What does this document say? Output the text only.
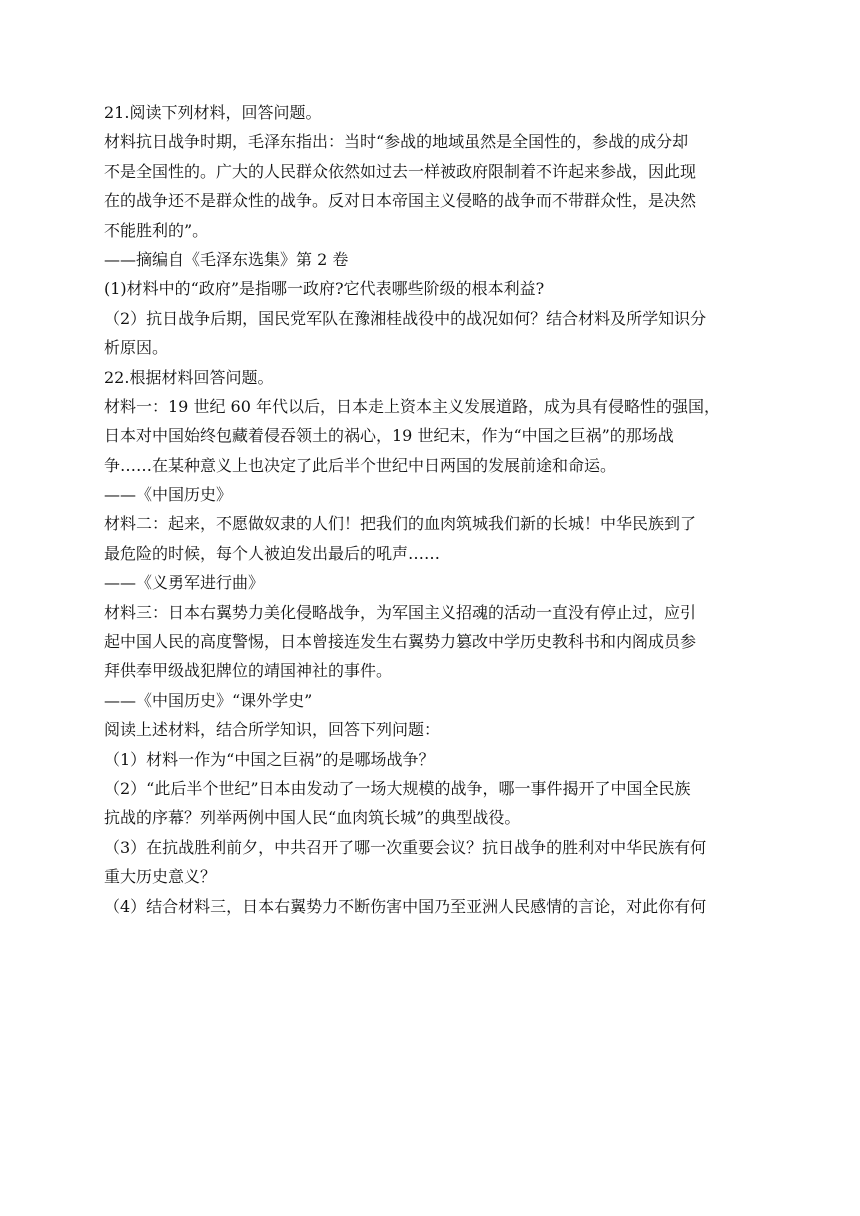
21.阅读下列材料，回答问题。
材料抗日战争时期，毛泽东指出：当时“参战的地域虽然是全国性的，参战的成分却
不是全国性的。广大的人民群众依然如过去一样被政府限制着不许起来参战，因此现
在的战争还不是群众性的战争。反对日本帝国主义侵略的战争而不带群众性，是决然
不能胜利的”。
——摘编自《毛泽东选集》第 2 卷
(1)材料中的“政府”是指哪一政府?它代表哪些阶级的根本利益?
（2）抗日战争后期，国民党军队在豫湘桂战役中的战况如何？结合材料及所学知识分
析原因。
22.根据材料回答问题。
材料一：19 世纪 60 年代以后，日本走上资本主义发展道路，成为具有侵略性的强国，
日本对中国始终包藏着侵吞领土的祸心，19 世纪末，作为“中国之巨祸”的那场战
争……在某种意义上也决定了此后半个世纪中日两国的发展前途和命运。
——《中国历史》
材料二：起来，不愿做奴隶的人们！把我们的血肉筑城我们新的长城！中华民族到了
最危险的时候，每个人被迫发出最后的吼声……
——《义勇军进行曲》
材料三：日本右翼势力美化侵略战争，为军国主义招魂的活动一直没有停止过，应引
起中国人民的高度警惕，日本曾接连发生右翼势力篡改中学历史教科书和内阁成员参
拜供奉甲级战犯牌位的靖国神社的事件。
——《中国历史》“课外学史”
阅读上述材料，结合所学知识，回答下列问题：
（1）材料一作为“中国之巨祸”的是哪场战争？
（2）“此后半个世纪”日本由发动了一场大规模的战争，哪一事件揭开了中国全民族
抗战的序幕？列举两例中国人民“血肉筑长城”的典型战役。
（3）在抗战胜利前夕，中共召开了哪一次重要会议？抗日战争的胜利对中华民族有何
重大历史意义？
（4）结合材料三，日本右翼势力不断伤害中国乃至亚洲人民感情的言论，对此你有何
